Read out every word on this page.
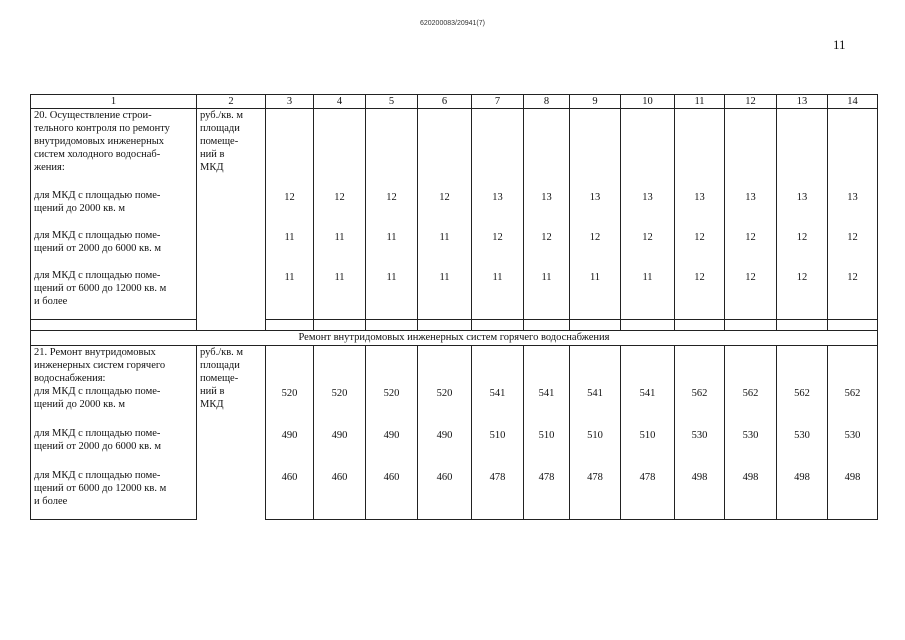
620200083/20941(7)
11
1	2	3	4	5	6	7	8	9	10	11	12	13	14

20. Осуществление строи-
тельного контроля по ремонту
внутридомовых инженерных
систем холодного водоснаб-
жения:	руб./кв. м
площади
помеще-
ний в
МКД												

для МКД с площадью поме-
щений до 2000 кв. м		12	12	12	12	13	13	13	13	13	13	13	13

для МКД с площадью поме-
щений от 2000 до 6000 кв. м		11	11	11	11	12	12	12	12	12	12	12	12

для МКД с площадью поме-
щений от 6000 до 12000 кв. м
и более		11	11	11	11	11	11	11	11	12	12	12	12

Ремонт внутридомовых инженерных систем горячего водоснабжения													

21. Ремонт внутридомовых
инженерных систем горячего
водоснабжения:	руб./кв. м
площади
помеще-
ний в
МКД												

для МКД с площадью поме-
щений до 2000 кв. м		520	520	520	520	541	541	541	541	562	562	562	562

для МКД с площадью поме-
щений от 2000 до 6000 кв. м		490	490	490	490	510	510	510	510	530	530	530	530

для МКД с площадью поме-
щений от 6000 до 12000 кв. м
и более		460	460	460	460	478	478	478	478	498	498	498	498
